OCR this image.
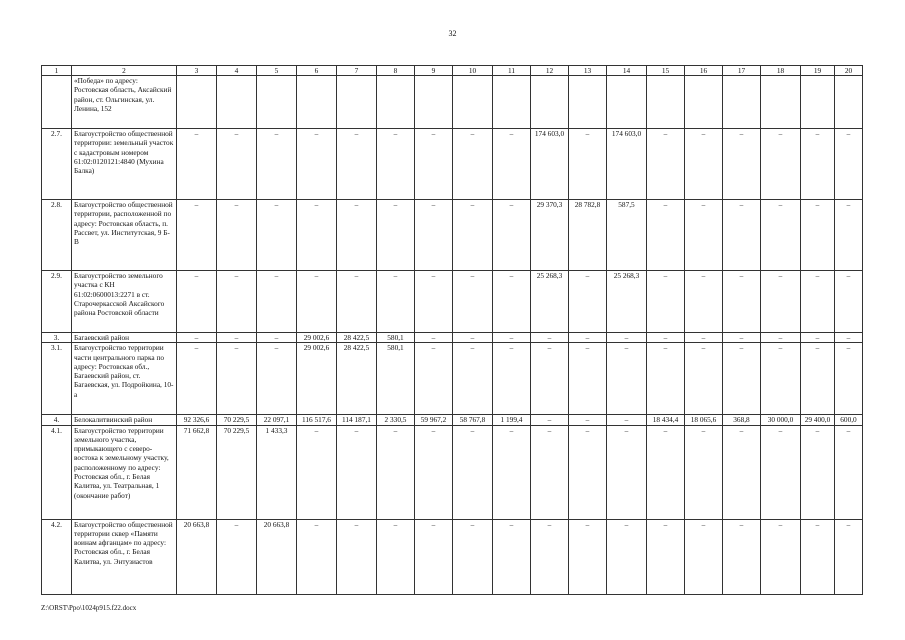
32
1	2	3	4	5	6	7	8	9	10	11	12	13	14	15	16	17	18	19	20
	«Победа» по адресу: Ростовская область, Аксайский район, ст. Ольгинская, ул. Ленина, 152																		
2.7.	Благоустройство общественной территории: земельный участок с кадастровым номером 61:02:0120121:4840 (Мухина Балка)	–	–	–	–	–	–	–	–	–	174 603,0	–	174 603,0	–	–	–	–	–	–
2.8.	Благоустройство общественной территории, расположенной по адресу: Ростовская область, п. Рассвет, ул. Институтская, 9 Б-В	–	–	–	–	–	–	–	–	–	29 370,3	28 782,8	587,5	–	–	–	–	–	–
2.9.	Благоустройство земельного участка с КН 61:02:0600013:2271 в ст. Старочеркасской Аксайского района Ростовской области	–	–	–	–	–	–	–	–	–	25 268,3	–	25 268,3	–	–	–	–	–	–
3.	Багаевский район	–	–	–	29 002,6	28 422,5	580,1	–	–	–	–	–	–	–	–	–	–	–	–
3.1.	Благоустройство территории части центрального парка по адресу: Ростовская обл., Багаевский район, ст. Багаевская, ул. Подройкина, 10-а	–	–	–	29 002,6	28 422,5	580,1	–	–	–	–	–	–	–	–	–	–	–	–
4.	Белокалитвинский район	92 326,6	70 229,5	22 097,1	116 517,6	114 187,1	2 330,5	59 967,2	58 767,8	1 199,4	–	–	–	18 434,4	18 065,6	368,8	30 000,0	29 400,0	600,0
4.1.	Благоустройство территории земельного участка, примыкающего с северо-востока к земельному участку, расположенному по адресу: Ростовская обл., г. Белая Калитва, ул. Театральная, 1 (окончание работ)	71 662,8	70 229,5	1 433,3	–	–	–	–	–	–	–	–	–	–	–	–	–	–	–
4.2.	Благоустройство общественной территории сквер «Памяти воинам афганцам» по адресу: Ростовская обл., г. Белая Калитва, ул. Энтузиастов	20 663,8	–	20 663,8	–	–	–	–	–	–	–	–	–	–	–	–	–	–	–
Z:\ORST\Ppo\1024p915.f22.docx
